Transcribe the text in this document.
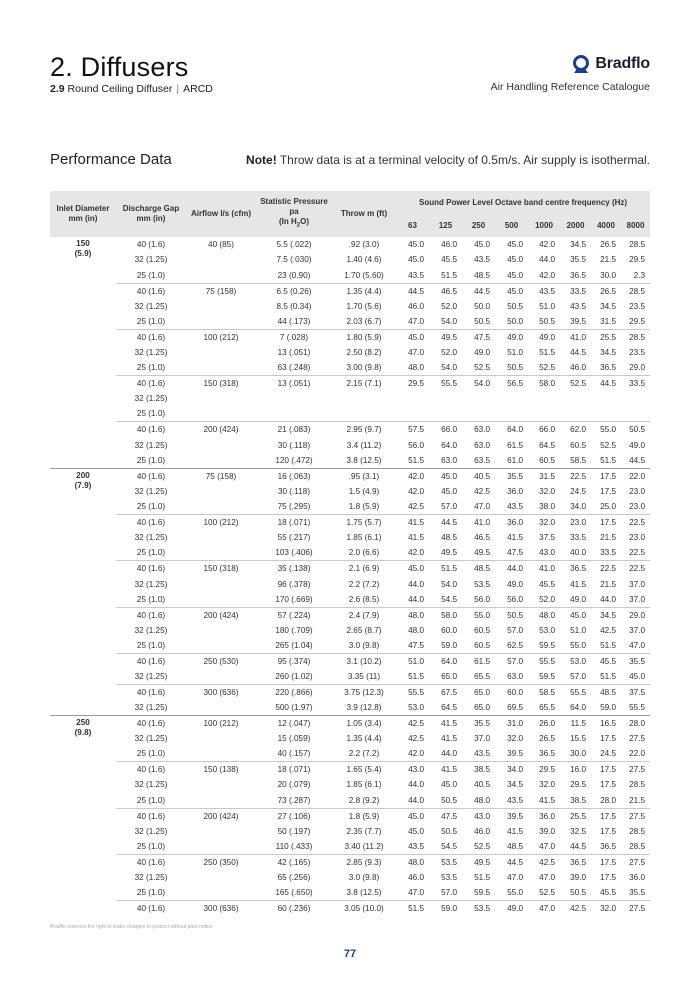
2. Diffusers
2.9 Round Ceiling Diffuser | ARCD
Bradflo
Air Handling Reference Catalogue
Performance Data	Note! Throw data is at a terminal velocity of 0.5m/s. Air supply is isothermal.
Inlet Diameter mm (in)	Discharge Gap mm (in)	Airflow l/s (cfm)	Statistic Pressure pa
(In $H_2O$)	Throw m (ft)	Sound Power Level Octave band centre frequency (Hz)							
					63	125	250	500	1000	2000	4000	8000

150
(5.9)	40 (1.6)	40 (85)	5.5 (.022)	.92 (3.0)	45.0	46.0	45.0	45.0	42.0	34.5	26.5	28.5
	32 (1.25)		7.5 (.030)	1.40 (4.6)	45.0	45.5	43.5	45.0	44.0	35.5	21.5	29.5
	25 (1.0)		23 (0.90)	1.70 (5.60)	43.5	51.5	48.5	45.0	42.0	36.5	30.0	2.3
	40 (1.6)	75 (158)	6.5 (0.26)	1.35 (4.4)	44.5	46.5	44.5	45.0	43.5	33.5	26.5	28.5
	32 (1.25)		8.5 (0.34)	1.70 (5.6)	46.0	52.0	50.0	50.5	51.0	43.5	34.5	23.5
	25 (1.0)		44 (.173)	2.03 (6.7)	47.0	54.0	50.5	50.0	50.5	39.5	31.5	29.5
	40 (1.6)	100 (212)	7 (.028)	1.80 (5.9)	45.0	49.5	47.5	49.0	49.0	41.0	25.5	28.5
	32 (1.25)		13 (.051)	2.50 (8.2)	47.0	52.0	49.0	51.0	51.5	44.5	34.5	23.5
	25 (1.0)		63 (.248)	3.00 (9.8)	48.0	54.0	52.5	50.5	52.5	46.0	36.5	29.0
	40 (1.6)	150 (318)	13 (.051)	2.15 (7.1)	29.5	55.5	54.0	56.5	58.0	52.5	44.5	33.5
	32 (1.25)											
	25 (1.0)											
	40 (1.6)	200 (424)	21 (.083)	2.95 (9.7)	57.5	66.0	63.0	64.0	66.0	62.0	55.0	50.5
	32 (1.25)		30 (.118)	3.4 (11.2)	56.0	64.0	63.0	61.5	64.5	60.5	52.5	49.0
	25 (1.0)		120 (.472)	3.8 (12.5)	51.5	63.0	63.5	61.0	60.5	58.5	51.5	44.5

200
(7.9)	40 (1.6)	75 (158)	16 (.063)	.95 (3.1)	42.0	45.0	40.5	35.5	31.5	22.5	17.5	22.0
	32 (1.25)		30 (.118)	1.5 (4.9)	42.0	45.0	42.5	36.0	32.0	24.5	17.5	23.0
	25 (1.0)		75 (.295)	1.8 (5.9)	42.5	57.0	47.0	43.5	38.0	34.0	25.0	23.0
	40 (1.6)	100 (212)	18 (.071)	1.75 (5.7)	41.5	44.5	41.0	36.0	32.0	23.0	17.5	22.5
	32 (1.25)		55 (.217)	1.85 (6.1)	41.5	48.5	46.5	41.5	37.5	33.5	21.5	23.0
	25 (1.0)		103 (.406)	2.0 (6.6)	42.0	49.5	49.5	47.5	43.0	40.0	33.5	22.5
	40 (1.6)	150 (318)	35 (.138)	2.1 (6.9)	45.0	51.5	48.5	44.0	41.0	36.5	22.5	22.5
	32 (1.25)		96 (.378)	2.2 (7.2)	44.0	54.0	53.5	49.0	45.5	41.5	21.5	37.0
	25 (1.0)		170 (.669)	2.6 (8.5)	44.0	54.5	56.0	56.0	52.0	49.0	44.0	37.0
	40 (1.6)	200 (424)	57 (.224)	2.4 (7.9)	48.0	58.0	55.0	50.5	48.0	45.0	34.5	29.0
	32 (1.25)		180 (.709)	2.65 (8.7)	48.0	60.0	60.5	57.0	53.0	51.0	42.5	37.0
	25 (1.0)		265 (1.04)	3.0 (9.8)	47.5	59.0	60.5	62.5	59.5	55.0	51.5	47.0
	40 (1.6)	250 (530)	95 (.374)	3.1 (10.2)	51.0	64.0	61.5	57.0	55.5	53.0	45.5	35.5
	32 (1.25)		260 (1.02)	3.35 (11)	51.5	65.0	65.5	63.0	59.5	57.0	51.5	45.0
	40 (1.6)	300 (636)	220 (.866)	3.75 (12.3)	55.5	67.5	65.0	60.0	58.5	55.5	48.5	37.5
	32 (1.25)		500 (1.97)	3.9 (12.8)	53.0	64.5	65.0	69.5	65.5	64.0	59.0	55.5

250
(9.8)	40 (1.6)	100 (212)	12 (.047)	1.05 (3.4)	42.5	41.5	35.5	31.0	26.0	11.5	16.5	28.0
	32 (1.25)		15 (.059)	1.35 (4.4)	42.5	41.5	37.0	32.0	26.5	15.5	17.5	27.5
	25 (1.0)		40 (.157)	2.2 (7.2)	42.0	44.0	43.5	39.5	36.5	30.0	24.5	22.0
	40 (1.6)	150 (138)	18 (.071)	1.65 (5.4)	43.0	41.5	38.5	34.0	29.5	16.0	17.5	27.5
	32 (1.25)		20 (.079)	1.85 (6.1)	44.0	45.0	40.5	34.5	32.0	29.5	17.5	28.5
	25 (1.0)		73 (.287)	2.8 (9.2)	44.0	50.5	48.0	43.5	41.5	38.5	28.0	21.5
	40 (1.6)	200 (424)	27 (.106)	1.8 (5.9)	45.0	47.5	43.0	39.5	36.0	25.5	17.5	27.5
	32 (1.25)		50 (.197)	2.35 (7.7)	45.0	50.5	46.0	41.5	39.0	32.5	17.5	28.5
	25 (1.0)		110 (.433)	3.40 (11.2)	43.5	54.5	52.5	48.5	47.0	44.5	36.5	28.5
	40 (1.6)	250 (350)	42 (.165)	2.85 (9.3)	48.0	53.5	49.5	44.5	42.5	36.5	17.5	27.5
	32 (1.25)		65 (.256)	3.0 (9.8)	46.0	53.5	51.5	47.0	47.0	39.0	17.5	36.0
	25 (1.0)		165 (.650)	3.8 (12.5)	47.0	57.0	59.5	55.0	52.5	50.5	45.5	35.5
	40 (1.6)	300 (636)	60 (.236)	3.05 (10.0)	51.5	59.0	53.5	49.0	47.0	42.5	32.0	27.5
Bradflo reserves the right to make changes to product without prior notice
77
